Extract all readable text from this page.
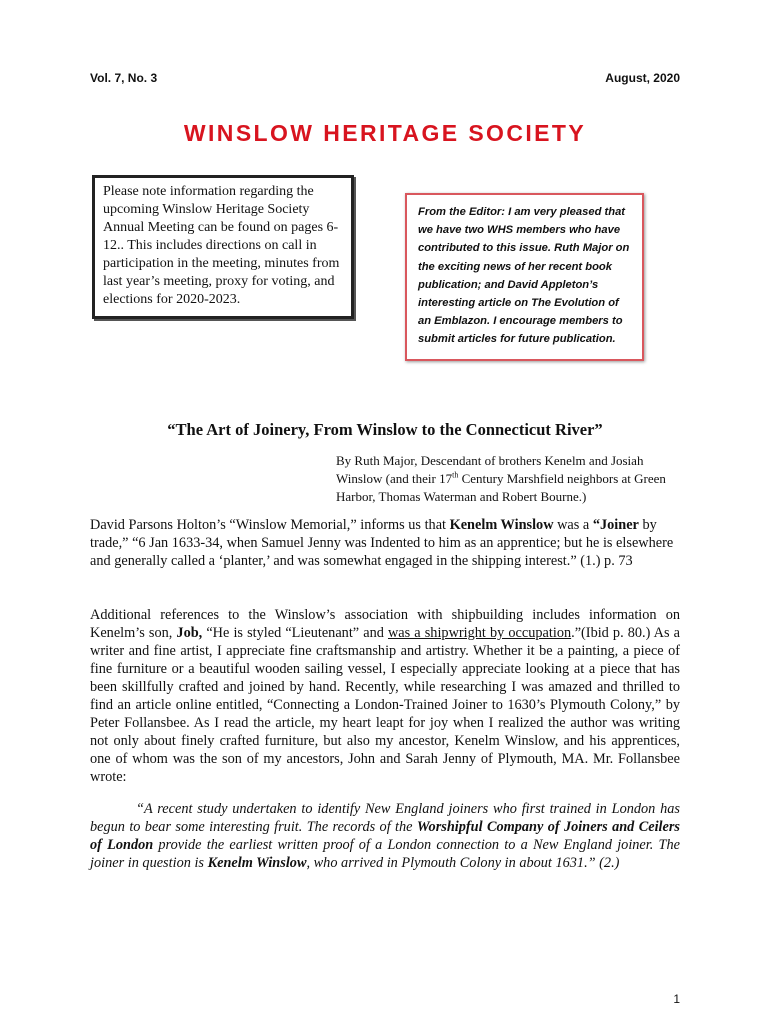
Vol. 7, No. 3	August, 2020
WINSLOW HERITAGE SOCIETY
Please note information regarding the upcoming Winslow Heritage Society Annual Meeting can be found on pages 6-12.. This includes directions on call in participation in the meeting, minutes from last year’s meeting, proxy for voting, and elections for 2020-2023.
From the Editor: I am very pleased that we have two WHS members who have contributed to this issue. Ruth Major on the exciting news of her recent book publication; and David Appleton’s interesting article on The Evolution of an Emblazon. I encourage members to submit articles for future publication.
“The Art of Joinery, From Winslow to the Connecticut River”
By Ruth Major, Descendant of brothers Kenelm and Josiah Winslow (and their 17th Century Marshfield neighbors at Green Harbor, Thomas Waterman and Robert Bourne.)
David Parsons Holton’s “Winslow Memorial,” informs us that Kenelm Winslow was a “Joiner by trade,” “6 Jan 1633-34, when Samuel Jenny was Indented to him as an apprentice; but he is elsewhere and generally called a ‘planter,’ and was somewhat engaged in the shipping interest.” (1.) p. 73
Additional references to the Winslow’s association with shipbuilding includes information on Kenelm’s son, Job, “He is styled “Lieutenant” and was a shipwright by occupation.”(Ibid p. 80.) As a writer and fine artist, I appreciate fine craftsmanship and artistry. Whether it be a painting, a piece of fine furniture or a beautiful wooden sailing vessel, I especially appreciate looking at a piece that has been skillfully crafted and joined by hand. Recently, while researching I was amazed and thrilled to find an article online entitled, “Connecting a London-Trained Joiner to 1630’s Plymouth Colony,” by Peter Follansbee. As I read the article, my heart leapt for joy when I realized the author was writing not only about finely crafted furniture, but also my ancestor, Kenelm Winslow, and his apprentices, one of whom was the son of my ancestors, John and Sarah Jenny of Plymouth, MA. Mr. Follansbee wrote:
“A recent study undertaken to identify New England joiners who first trained in London has begun to bear some interesting fruit. The records of the Worshipful Company of Joiners and Ceilers of London provide the earliest written proof of a London connection to a New England joiner. The joiner in question is Kenelm Winslow, who arrived in Plymouth Colony in about 1631.” (2.)
1
